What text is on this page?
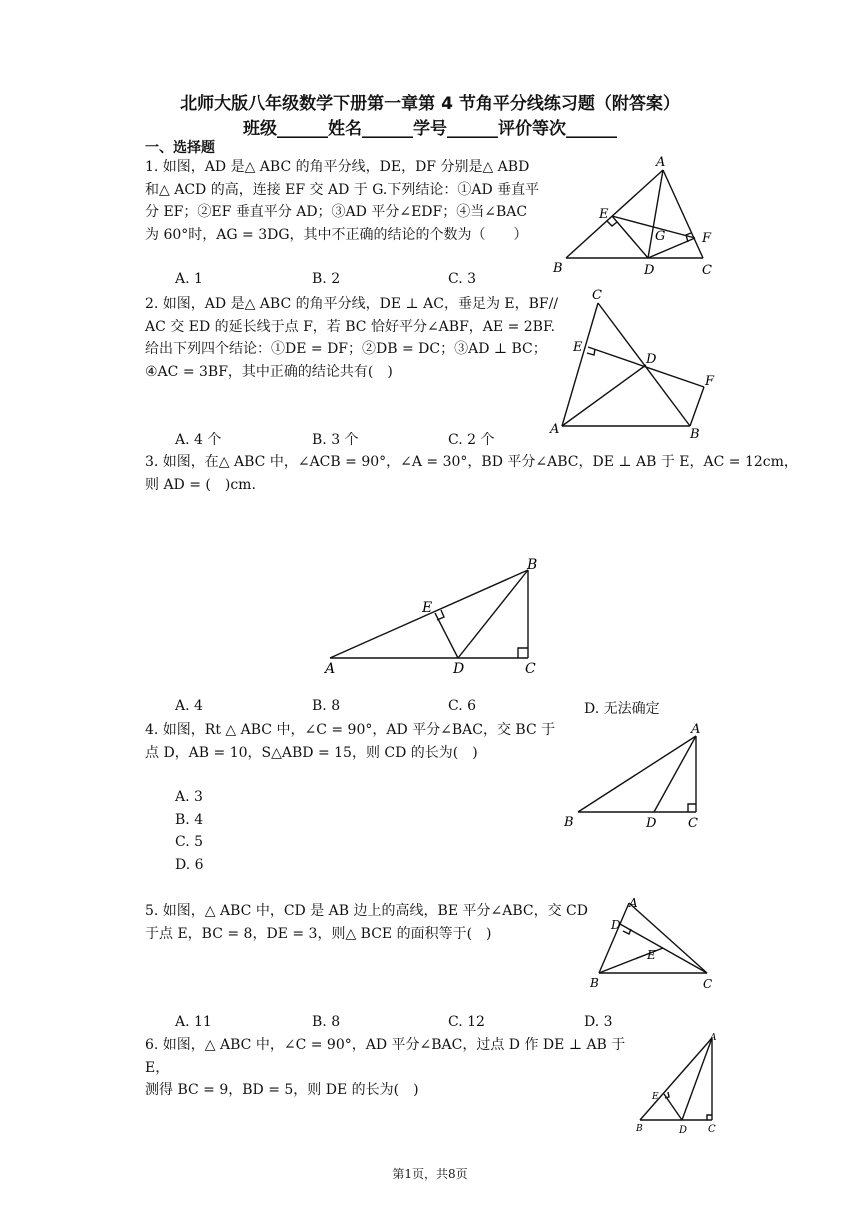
北师大版八年级数学下册第一章第 4 节角平分线练习题（附答案）
班级______姓名______学号______评价等次______
一、选择题
1. 如图，AD 是△ ABC 的角平分线，DE，DF 分别是△ ABD
和△ ACD 的高，连接 EF 交 AD 于 G.下列结论：①AD 垂直平
分 EF；②EF 垂直平分 AD；③AD 平分∠EDF；④当∠BAC
为 60°时，AG = 3DG，其中不正确的结论的个数为（　　）
A. 1	B. 2	C. 3
A
E
G	F
B	D	C
2. 如图，AD 是△ ABC 的角平分线，DE ⊥ AC，垂足为 E，BF//
AC 交 ED 的延长线于点 F，若 BC 恰好平分∠ABF，AE = 2BF.
给出下列四个结论：①DE = DF；②DB = DC；③AD ⊥ BC；
④AC = 3BF，其中正确的结论共有(　)
A. 4 个	B. 3 个	C. 2 个
C
E
D
F
A	B
3. 如图，在△ ABC 中，∠ACB = 90°，∠A = 30°，BD 平分∠ABC，DE ⊥ AB 于 E，AC = 12cm，
则 AD = (　)cm.
B
E
A	D	C
A. 4	B. 8	C. 6	D. 无法确定
4. 如图，Rt △ ABC 中，∠C = 90°，AD 平分∠BAC，交 BC 于
点 D，AB = 10，S△ABD = 15，则 CD 的长为(　)
A. 3
B. 4
C. 5
D. 6
A
B	D C
5. 如图，△ ABC 中，CD 是 AB 边上的高线，BE 平分∠ABC，交 CD
于点 E，BC = 8，DE = 3，则△ BCE 的面积等于(　)
A
D
E
B	C
A. 11	B. 8	C. 12	D. 3
6. 如图，△ ABC 中，∠C = 90°，AD 平分∠BAC，过点 D 作 DE ⊥ AB 于 E，
测得 BC = 9，BD = 5，则 DE 的长为(　)
A
E
B	D C
第1页，共8页
